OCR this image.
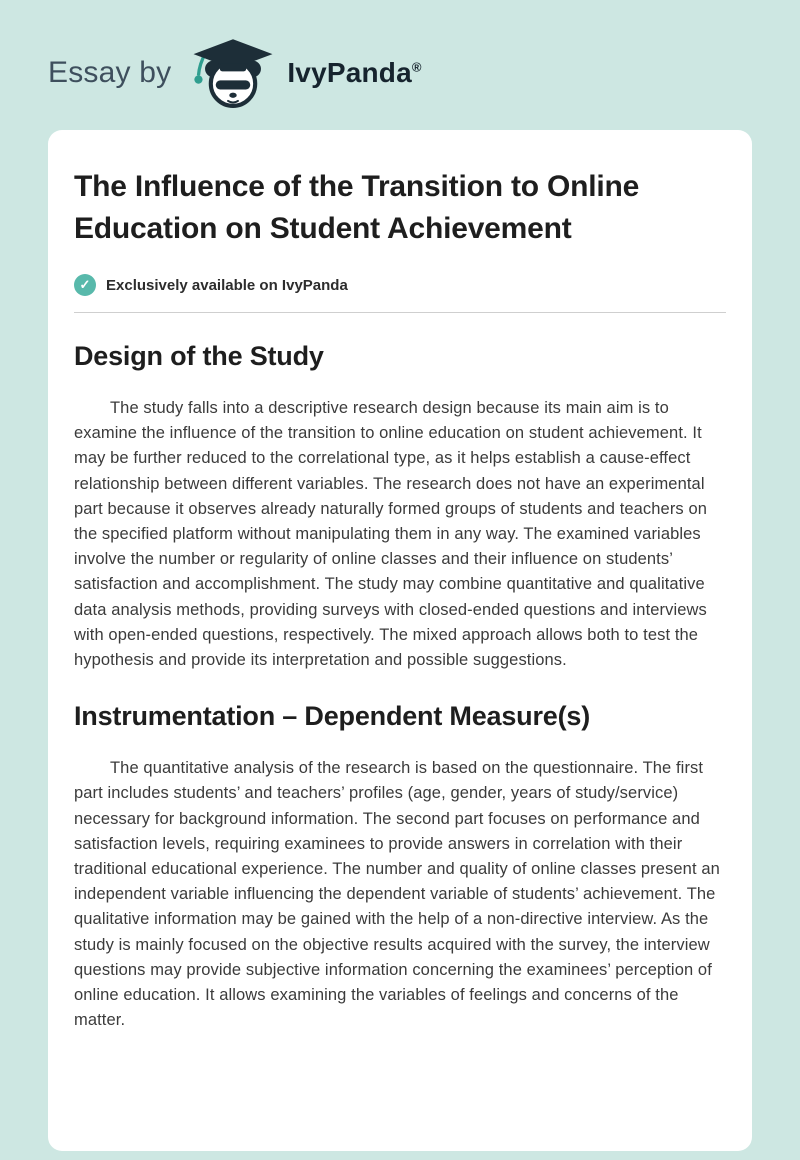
Essay by	IvyPanda®
The Influence of the Transition to Online Education on Student Achievement
✓	Exclusively available on IvyPanda
Design of the Study

The study falls into a descriptive research design because its main aim is to examine the influence of the transition to online education on student achievement. It may be further reduced to the correlational type, as it helps establish a cause-effect relationship between different variables. The research does not have an experimental part because it observes already naturally formed groups of students and teachers on the specified platform without manipulating them in any way. The examined variables involve the number or regularity of online classes and their influence on students’ satisfaction and accomplishment. The study may combine quantitative and qualitative data analysis methods, providing surveys with closed-ended questions and interviews with open-ended questions, respectively. The mixed approach allows both to test the hypothesis and provide its interpretation and possible suggestions.

Instrumentation – Dependent Measure(s)

The quantitative analysis of the research is based on the questionnaire. The first part includes students’ and teachers’ profiles (age, gender, years of study/service) necessary for background information. The second part focuses on performance and satisfaction levels, requiring examinees to provide answers in correlation with their traditional educational experience. The number and quality of online classes present an independent variable influencing the dependent variable of students’ achievement. The qualitative information may be gained with the help of a non-directive interview. As the study is mainly focused on the objective results acquired with the survey, the interview questions may provide subjective information concerning the examinees’ perception of online education. It allows examining the variables of feelings and concerns of the matter.
